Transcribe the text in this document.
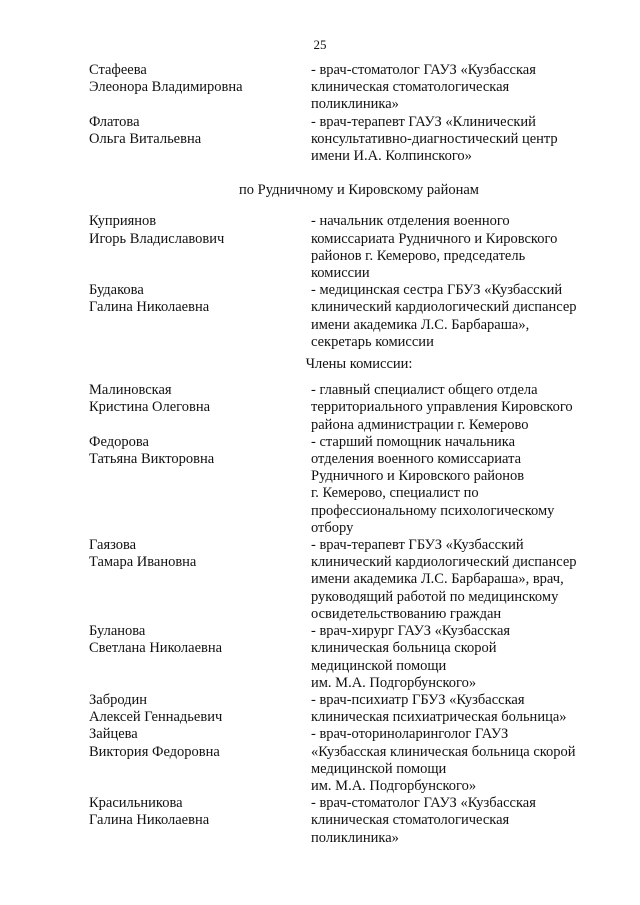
25
Стафеева
Элеонора Владимировна
- врач-стоматолог ГАУЗ «Кузбасская
клиническая стоматологическая
поликлиника»
Флатова
Ольга Витальевна
- врач-терапевт ГАУЗ «Клинический
консультативно-диагностический центр
имени И.А. Колпинского»
по Рудничному и Кировскому районам
Куприянов
Игорь Владиславович
- начальник отделения военного
комиссариата Рудничного и Кировского
районов г. Кемерово, председатель
комиссии
Будакова
Галина Николаевна
- медицинская сестра ГБУЗ «Кузбасский
клинический кардиологический диспансер
имени академика Л.С. Барбараша»,
секретарь комиссии
Члены комиссии:
Малиновская
Кристина Олеговна
- главный специалист общего отдела
территориального управления Кировского
района администрации г. Кемерово
Федорова
Татьяна Викторовна
- старший помощник начальника
отделения военного комиссариата
Рудничного и Кировского районов
г. Кемерово, специалист по
профессиональному психологическому
отбору
Гаязова
Тамара Ивановна
- врач-терапевт ГБУЗ «Кузбасский
клинический кардиологический диспансер
имени академика Л.С. Барбараша», врач,
руководящий работой по медицинскому
освидетельствованию граждан
Буланова
Светлана Николаевна
- врач-хирург ГАУЗ «Кузбасская
клиническая больница скорой
медицинской помощи
им. М.А. Подгорбунского»
Забродин
Алексей Геннадьевич
- врач-психиатр ГБУЗ «Кузбасская
клиническая психиатрическая больница»
Зайцева
Виктория Федоровна
- врач-оториноларинголог ГАУЗ
«Кузбасская клиническая больница скорой
медицинской помощи
им. М.А. Подгорбунского»
Красильникова
Галина Николаевна
- врач-стоматолог ГАУЗ «Кузбасская
клиническая стоматологическая
поликлиника»
